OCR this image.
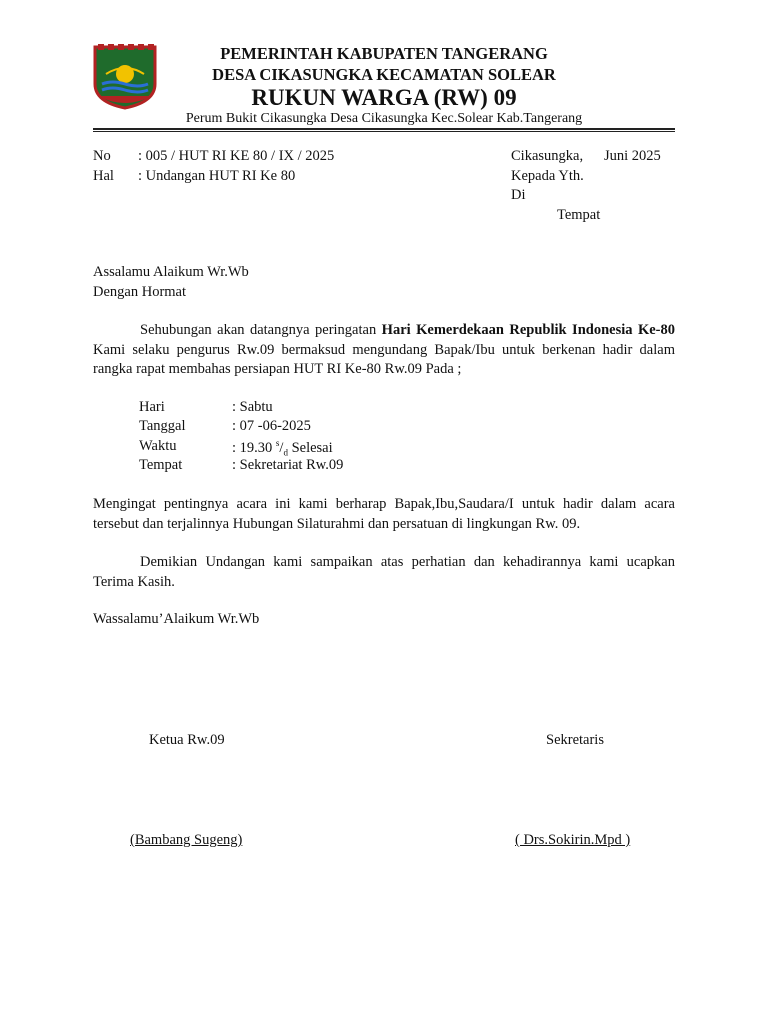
PEMERINTAH KABUPATEN TANGERANG
DESA CIKASUNGKA KECAMATAN SOLEAR
RUKUN WARGA (RW) 09
Perum Bukit Cikasungka Desa Cikasungka Kec.Solear Kab.Tangerang
No : 005 / HUT RI KE 80 / IX / 2025
Hal : Undangan HUT RI Ke 80
Cikasungka, Juni 2025
Kepada Yth.
Di
Tempat
Assalamu Alaikum Wr.Wb
Dengan Hormat

Sehubungan akan datangnya peringatan Hari Kemerdekaan Republik Indonesia Ke-80 Kami selaku pengurus Rw.09 bermaksud mengundang Bapak/Ibu untuk berkenan hadir dalam rangka rapat membahas persiapan HUT RI Ke-80 Rw.09 Pada ;

Hari	: Sabtu
Tanggal	: 07 -06-2025
Waktu	: 19.30 $^s/_d$ Selesai
Tempat	: Sekretariat Rw.09

Mengingat pentingnya acara ini kami berharap Bapak,Ibu,Saudara/I untuk hadir dalam acara tersebut dan terjalinnya Hubungan Silaturahmi dan persatuan di lingkungan Rw. 09.

Demikian Undangan kami sampaikan atas perhatian dan kehadirannya kami ucapkan Terima Kasih.

Wassalamu’Alaikum Wr.Wb
Ketua Rw.09	Sekretaris
(Bambang Sugeng)	( Drs.Sokirin.Mpd )
